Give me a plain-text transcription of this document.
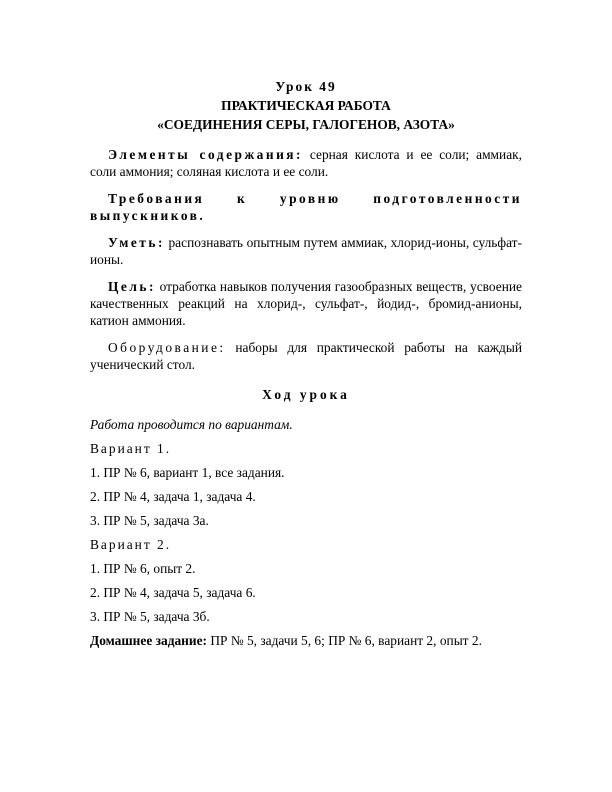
Урок 49
ПРАКТИЧЕСКАЯ РАБОТА
«СОЕДИНЕНИЯ СЕРЫ, ГАЛОГЕНОВ, АЗОТА»

Элементы содержания: серная кислота и ее соли; аммиак, соли аммония; соляная кислота и ее соли.

Требования к уровню подготовленности
выпускников.

Уметь: распознавать опытным путем аммиак, хлорид-ионы, сульфат-ионы.

Цель: отработка навыков получения газообразных веществ, усвоение качественных реакций на хлорид-, сульфат-, йодид-, бромид-анионы, катион аммония.

Оборудование: наборы для практической работы на каждый ученический стол.

Ход урока

Работа проводится по вариантам.

Вариант 1.

1. ПР № 6, вариант 1, все задания.

2. ПР № 4, задача 1, задача 4.

3. ПР № 5, задача 3а.

Вариант 2.

1. ПР № 6, опыт 2.

2. ПР № 4, задача 5, задача 6.

3. ПР № 5, задача 3б.

Домашнее задание: ПР № 5, задачи 5, 6; ПР № 6, вариант 2, опыт 2.
